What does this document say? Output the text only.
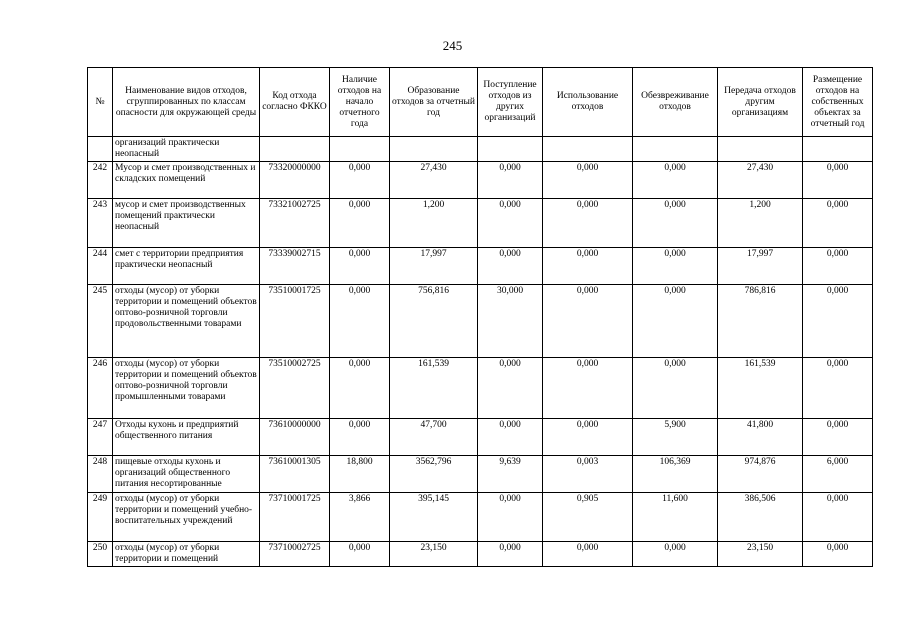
245
№	Наименование видов отходов, сгруппированных по классам опасности для окружающей среды	Код отхода согласно ФККО	Наличие отходов на начало отчетного года	Образование отходов за отчетный год	Поступление отходов из других организаций	Использование отходов	Обезвреживание отходов	Передача отходов другим организациям	Размещение отходов на собственных объектах за отчетный год
	организаций практически неопасный								
242	Мусор и смет производственных и складских помещений	73320000000	0,000	27,430	0,000	0,000	0,000	27,430	0,000
243	мусор и смет производственных помещений практически неопасный	73321002725	0,000	1,200	0,000	0,000	0,000	1,200	0,000
244	смет с территории предприятия практически неопасный	73339002715	0,000	17,997	0,000	0,000	0,000	17,997	0,000
245	отходы (мусор) от уборки территории и помещений объектов оптово-розничной торговли продовольственными товарами	73510001725	0,000	756,816	30,000	0,000	0,000	786,816	0,000
246	отходы (мусор) от уборки территории и помещений объектов оптово-розничной торговли промышленными товарами	73510002725	0,000	161,539	0,000	0,000	0,000	161,539	0,000
247	Отходы кухонь и предприятий общественного питания	73610000000	0,000	47,700	0,000	0,000	5,900	41,800	0,000
248	пищевые отходы кухонь и организаций общественного питания несортированные	73610001305	18,800	3562,796	9,639	0,003	106,369	974,876	6,000
249	отходы (мусор) от уборки территории и помещений учебно-воспитательных учреждений	73710001725	3,866	395,145	0,000	0,905	11,600	386,506	0,000
250	отходы (мусор) от уборки территории и помещений	73710002725	0,000	23,150	0,000	0,000	0,000	23,150	0,000
